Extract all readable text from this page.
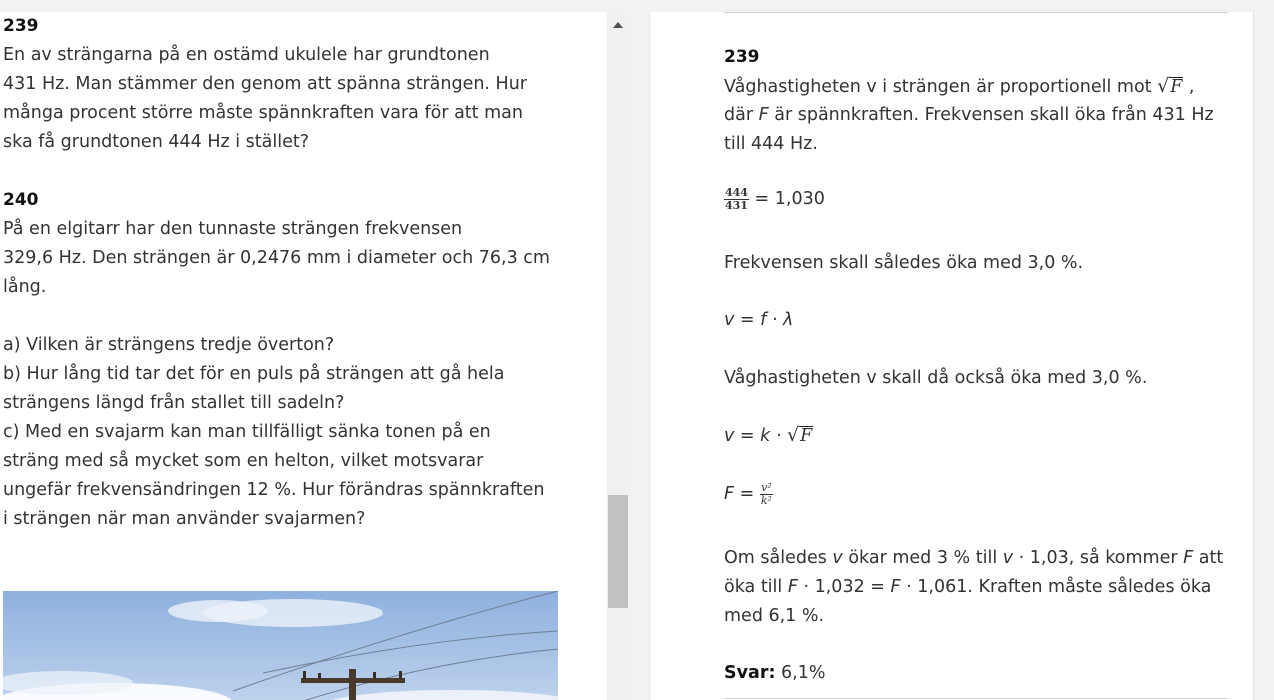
239

En av strängarna på en ostämd ukulele har grundtonen

431 Hz. Man stämmer den genom att spänna strängen. Hur

många procent större måste spännkraften vara för att man

ska få grundtonen 444 Hz i stället?

240

På en elgitarr har den tunnaste strängen frekvensen

329,6 Hz. Den strängen är 0,2476 mm i diameter och 76,3 cm

lång.

a) Vilken är strängens tredje överton?

b) Hur lång tid tar det för en puls på strängen att gå hela

strängens längd från stallet till sadeln?

c) Med en svajarm kan man tillfälligt sänka tonen på en

sträng med så mycket som en helton, vilket motsvarar

ungefär frekvensändringen 12 %. Hur förändras spännkraften

i strängen när man använder svajarmen?

239
Våghastigheten v i strängen är proportionell mot √F ,
där F är spännkraften. Frekvensen skall öka från 431 Hz
till 444 Hz.
$\frac{444}{431} = 1,030$
Frekvensen skall således öka med 3,0 %.
v = f · λ
Våghastigheten v skall då också öka med 3,0 %.
v = k · √F
$F = \frac{\text{v²}}{\text{k²}}$
Om således v ökar med 3 % till v · 1,03, så kommer F att
öka till F · 1,032 = F · 1,061. Kraften måste således öka
med 6,1 %.
Svar: 6,1%
